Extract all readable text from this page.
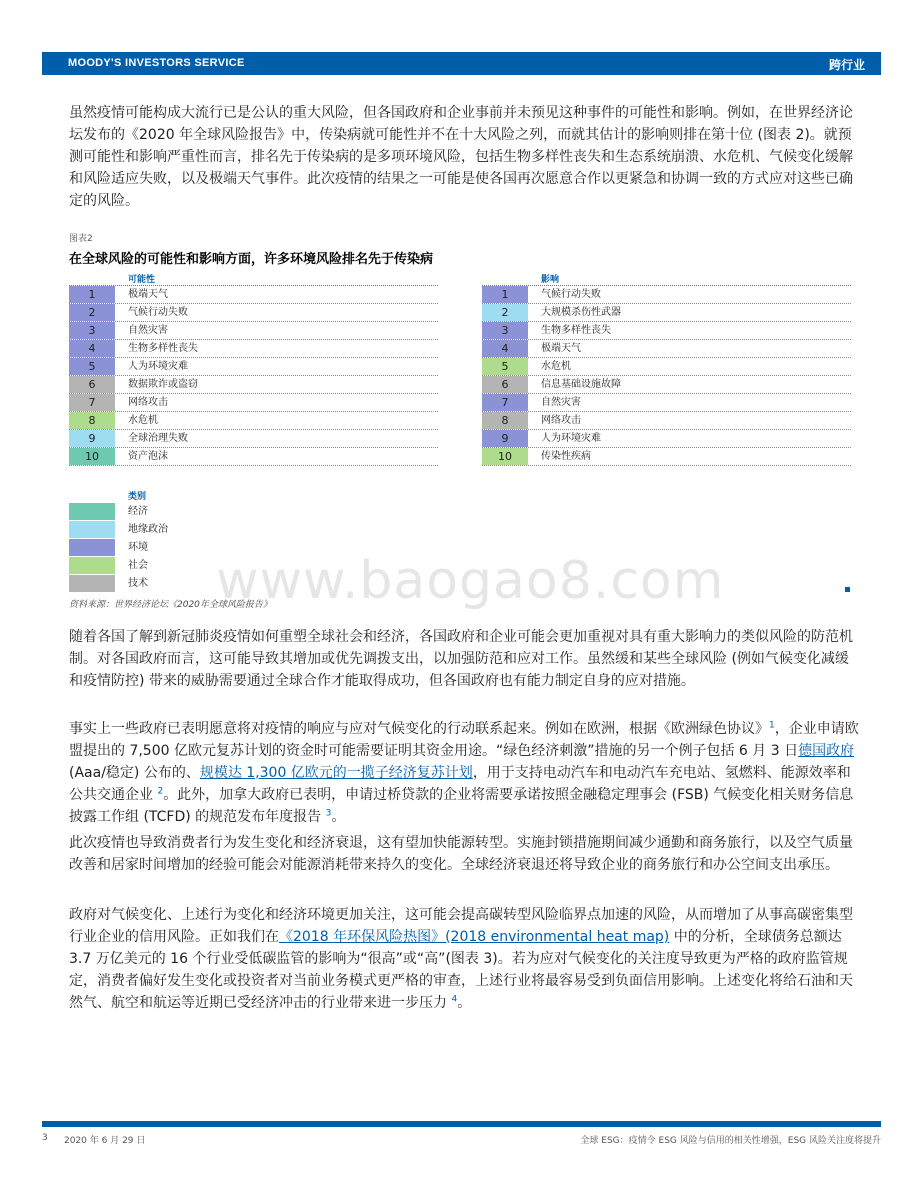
MOODY'S INVESTORS SERVICE	跨行业
虽然疫情可能构成大流行已是公认的重大风险，但各国政府和企业事前并未预见这种事件的可能性和影响。例如，在世界经济论坛发布的《2020 年全球风险报告》中，传染病就可能性并不在十大风险之列，而就其估计的影响则排在第十位 (图表 2)。就预测可能性和影响严重性而言，排名先于传染病的是多项环境风险，包括生物多样性丧失和生态系统崩溃、水危机、气候变化缓解和风险适应失败，以及极端天气事件。此次疫情的结果之一可能是使各国再次愿意合作以更紧急和协调一致的方式应对这些已确定的风险。
图表2
在全球风险的可能性和影响方面，许多环境风险排名先于传染病
可能性
1	极端天气
2	气候行动失败
3	自然灾害
4	生物多样性丧失
5	人为环境灾难
6	数据欺诈或盗窃
7	网络攻击
8	水危机
9	全球治理失败
10	资产泡沫
影响
1	气候行动失败
2	大规模杀伤性武器
3	生物多样性丧失
4	极端天气
5	水危机
6	信息基础设施故障
7	自然灾害
8	网络攻击
9	人为环境灾难
10	传染性疾病
类别
经济
地缘政治
环境
社会
技术 www.baogao8.com
资料来源：世界经济论坛《2020年全球风险报告》
随着各国了解到新冠肺炎疫情如何重塑全球社会和经济，各国政府和企业可能会更加重视对具有重大影响力的类似风险的防范机制。对各国政府而言，这可能导致其增加或优先调拨支出，以加强防范和应对工作。虽然缓和某些全球风险 (例如气候变化减缓和疫情防控) 带来的威胁需要通过全球合作才能取得成功，但各国政府也有能力制定自身的应对措施。
事实上一些政府已表明愿意将对疫情的响应与应对气候变化的行动联系起来。例如在欧洲，根据《欧洲绿色协议》$^1$，企业申请欧盟提出的 7,500 亿欧元复苏计划的资金时可能需要证明其资金用途。“绿色经济刺激”措施的另一个例子包括 6 月 3 日德国政府 (Aaa/稳定) 公布的、规模达 1,300 亿欧元的一揽子经济复苏计划，用于支持电动汽车和电动汽车充电站、氢燃料、能源效率和公共交通企业 $^2$。此外，加拿大政府已表明，申请过桥贷款的企业将需要承诺按照金融稳定理事会 (FSB) 气候变化相关财务信息披露工作组 (TCFD) 的规范发布年度报告 $^3$。
此次疫情也导致消费者行为发生变化和经济衰退，这有望加快能源转型。实施封锁措施期间减少通勤和商务旅行，以及空气质量改善和居家时间增加的经验可能会对能源消耗带来持久的变化。全球经济衰退还将导致企业的商务旅行和办公空间支出承压。
政府对气候变化、上述行为变化和经济环境更加关注，这可能会提高碳转型风险临界点加速的风险，从而增加了从事高碳密集型行业企业的信用风险。正如我们在《2018 年环保风险热图》(2018 environmental heat map) 中的分析，全球债务总额达 3.7 万亿美元的 16 个行业受低碳监管的影响为“很高”或“高”(图表 3)。若为应对气候变化的关注度导致更为严格的政府监管规定，消费者偏好发生变化或投资者对当前业务模式更严格的审查，上述行业将最容易受到负面信用影响。上述变化将给石油和天然气、航空和航运等近期已受经济冲击的行业带来进一步压力 $^4$。
3 2020 年 6 月 29 日	全球 ESG：疫情令 ESG 风险与信用的相关性增强，ESG 风险关注度将提升
